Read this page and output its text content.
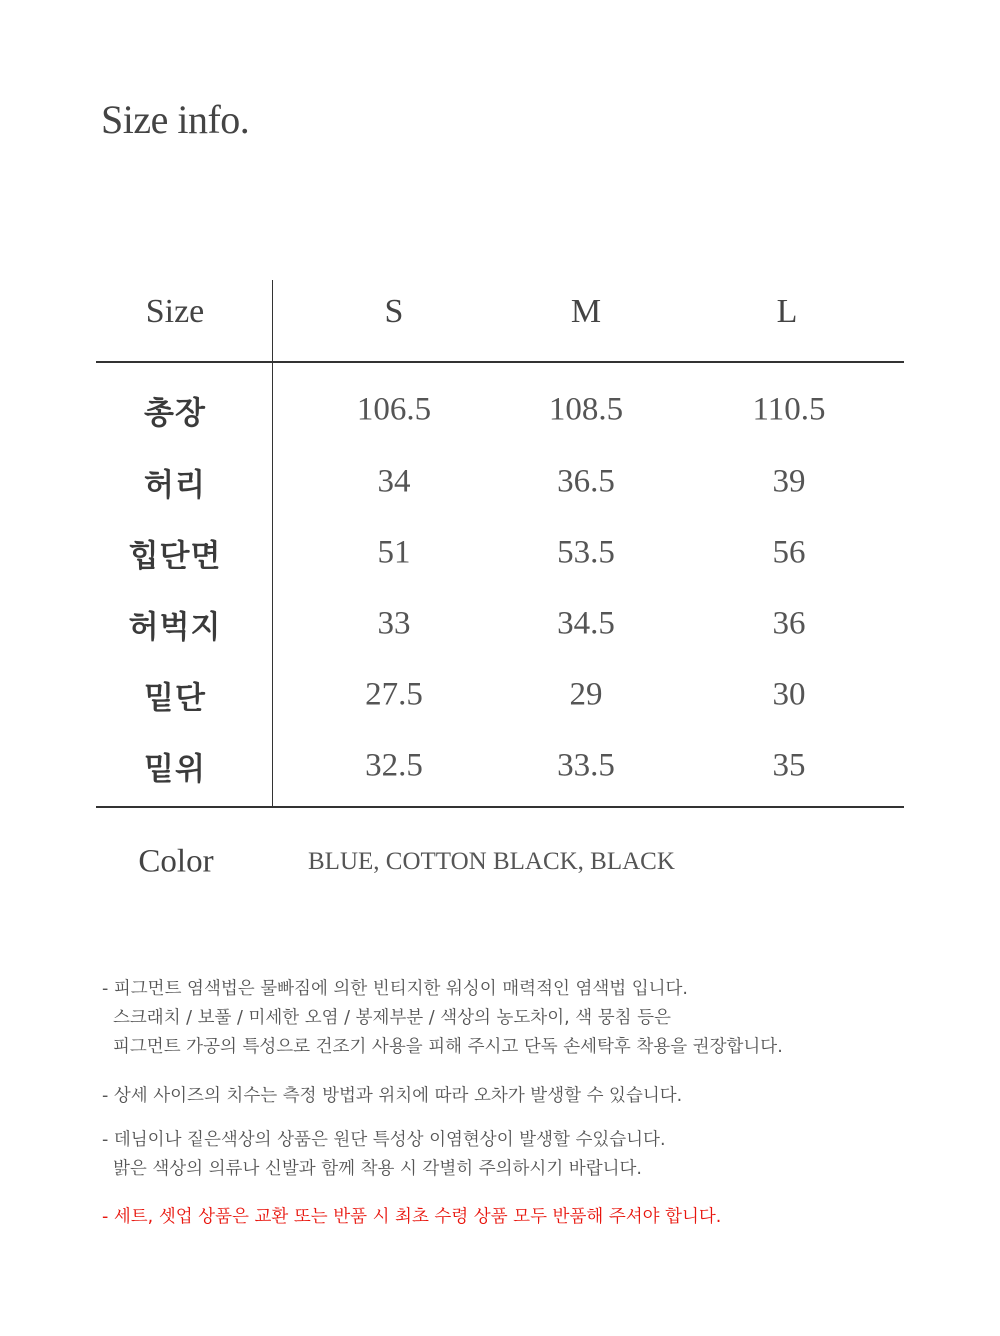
Size info.
Size	S	M	L
총장	106.5	108.5	110.5
허리	34	36.5	39
힙단면	51	53.5	56
허벅지	33	34.5	36
밑단	27.5	29	30
밑위	32.5	33.5	35
Color	BLUE, COTTON BLACK, BLACK
- 피그먼트 염색법은 물빠짐에 의한 빈티지한 워싱이 매력적인 염색법 입니다.
스크래치 / 보풀 / 미세한 오염 / 봉제부분 / 색상의 농도차이, 색 뭉침 등은
피그먼트 가공의 특성으로 건조기 사용을 피해 주시고 단독 손세탁후 착용을 권장합니다.
- 상세 사이즈의 치수는 측정 방법과 위치에 따라 오차가 발생할 수 있습니다.
- 데님이나 짙은색상의 상품은 원단 특성상 이염현상이 발생할 수있습니다.
밝은 색상의 의류나 신발과 함께 착용 시 각별히 주의하시기 바랍니다.
- 세트, 셋업 상품은 교환 또는 반품 시 최초 수령 상품 모두 반품해 주셔야 합니다.
